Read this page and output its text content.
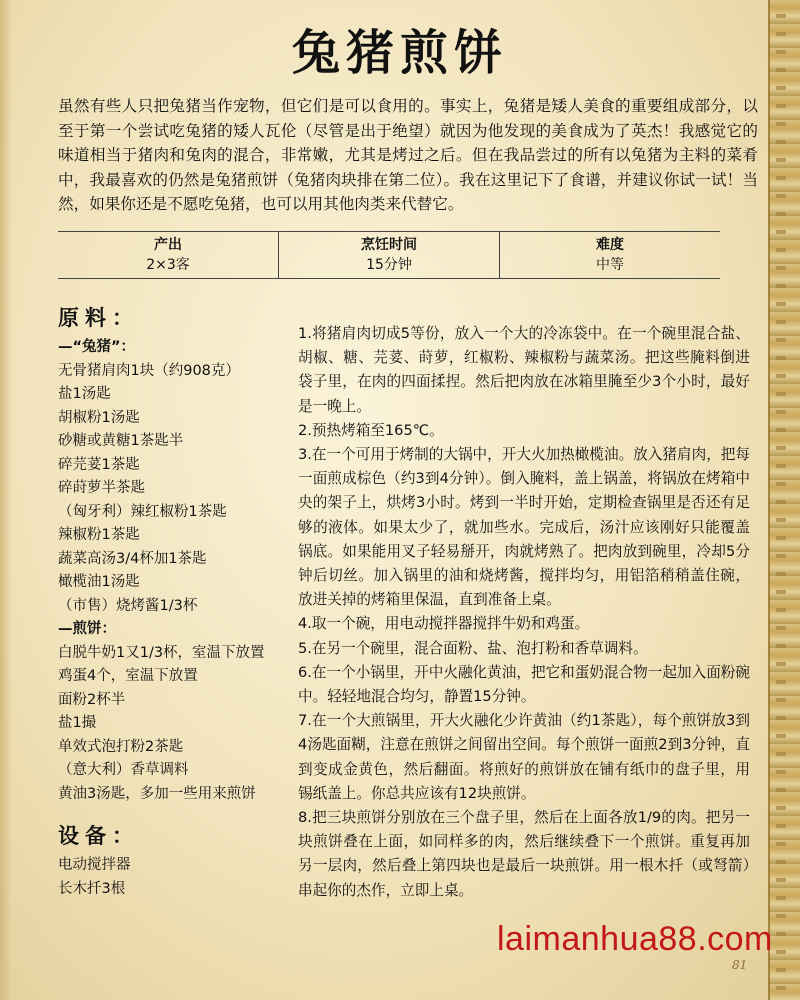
兔猪煎饼
虽然有些人只把兔猪当作宠物，但它们是可以食用的。事实上，兔猪是矮人美食的重要组成部分，以至于第一个尝试吃兔猪的矮人瓦伦（尽管是出于绝望）就因为他发现的美食成为了英杰！我感觉它的味道相当于猪肉和兔肉的混合，非常嫩，尤其是烤过之后。但在我品尝过的所有以兔猪为主料的菜肴中，我最喜欢的仍然是兔猪煎饼（兔猪肉块排在第二位）。我在这里记下了食谱，并建议你试一试！当然，如果你还是不愿吃兔猪，也可以用其他肉类来代替它。
产出
2×3客
烹饪时间
15分钟
难度
中等
原料：
—“兔猪”：
无骨猪肩肉1块（约908克）
盐1汤匙
胡椒粉1汤匙
砂糖或黄糖1茶匙半
碎芫荽1茶匙
碎莳萝半茶匙
（匈牙利）辣红椒粉1茶匙
辣椒粉1茶匙
蔬菜高汤3/4杯加1茶匙
橄榄油1汤匙
（市售）烧烤酱1/3杯
—煎饼：
白脱牛奶1又1/3杯，室温下放置
鸡蛋4个，室温下放置
面粉2杯半
盐1撮
单效式泡打粉2茶匙
（意大利）香草调料
黄油3汤匙，多加一些用来煎饼
设备：
电动搅拌器
长木扦3根
1.将猪肩肉切成5等份，放入一个大的冷冻袋中。在一个碗里混合盐、胡椒、糖、芫荽、莳萝，红椒粉、辣椒粉与蔬菜汤。把这些腌料倒进袋子里，在肉的四面揉捏。然后把肉放在冰箱里腌至少3个小时，最好是一晚上。
2.预热烤箱至165℃。
3.在一个可用于烤制的大锅中，开大火加热橄榄油。放入猪肩肉，把每一面煎成棕色（约3到4分钟）。倒入腌料，盖上锅盖，将锅放在烤箱中央的架子上，烘烤3小时。烤到一半时开始，定期检查锅里是否还有足够的液体。如果太少了，就加些水。完成后，汤汁应该刚好只能覆盖锅底。如果能用叉子轻易掰开，肉就烤熟了。把肉放到碗里，冷却5分钟后切丝。加入锅里的油和烧烤酱，搅拌均匀，用铝箔稍稍盖住碗，放进关掉的烤箱里保温，直到准备上桌。
4.取一个碗，用电动搅拌器搅拌牛奶和鸡蛋。
5.在另一个碗里，混合面粉、盐、泡打粉和香草调料。
6.在一个小锅里，开中火融化黄油，把它和蛋奶混合物一起加入面粉碗中。轻轻地混合均匀，静置15分钟。
7.在一个大煎锅里，开大火融化少许黄油（约1茶匙），每个煎饼放3到4汤匙面糊，注意在煎饼之间留出空间。每个煎饼一面煎2到3分钟，直到变成金黄色，然后翻面。将煎好的煎饼放在铺有纸巾的盘子里，用锡纸盖上。你总共应该有12块煎饼。
8.把三块煎饼分别放在三个盘子里，然后在上面各放1/9的肉。把另一块煎饼叠在上面，如同样多的肉，然后继续叠下一个煎饼。重复再加另一层肉，然后叠上第四块也是最后一块煎饼。用一根木扦（或弩箭）串起你的杰作，立即上桌。
laimanhua88.com
81
